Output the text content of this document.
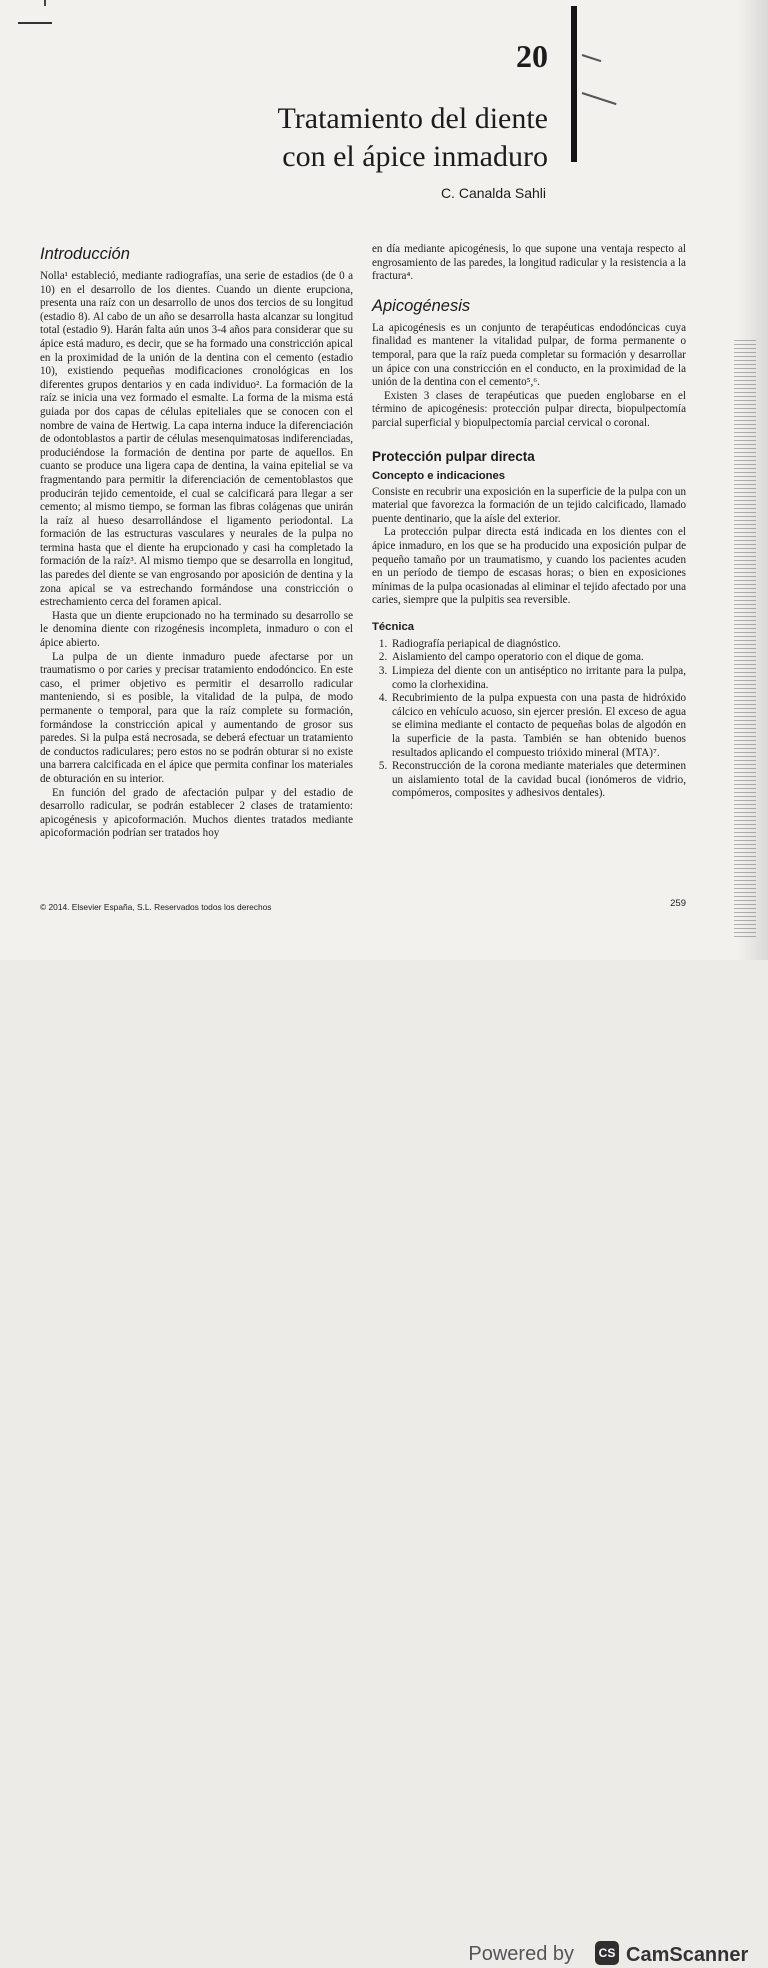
20
Tratamiento del diente
con el ápice inmaduro
C. Canalda Sahli
Introducción

Nolla¹ estableció, mediante radiografías, una serie de estadios (de 0 a 10) en el desarrollo de los dientes. Cuando un diente erupciona, presenta una raíz con un desarrollo de unos dos tercios de su longitud (estadio 8). Al cabo de un año se desarrolla hasta alcanzar su longitud total (estadio 9). Harán falta aún unos 3-4 años para considerar que su ápice está maduro, es decir, que se ha formado una constricción apical en la proximidad de la unión de la dentina con el cemento (estadio 10), existiendo pequeñas modificaciones cronológicas en los diferentes grupos dentarios y en cada individuo². La formación de la raíz se inicia una vez formado el esmalte. La forma de la misma está guiada por dos capas de células epiteliales que se conocen con el nombre de vaina de Hertwig. La capa interna induce la diferenciación de odontoblastos a partir de células mesenquimatosas indiferenciadas, produciéndose la formación de dentina por parte de aquellos. En cuanto se produce una ligera capa de dentina, la vaina epitelial se va fragmentando para permitir la diferenciación de cementoblastos que producirán tejido cementoide, el cual se calcificará para llegar a ser cemento; al mismo tiempo, se forman las fibras colágenas que unirán la raíz al hueso desarrollándose el ligamento periodontal. La formación de las estructuras vasculares y neurales de la pulpa no termina hasta que el diente ha erupcionado y casi ha completado la formación de la raíz³. Al mismo tiempo que se desarrolla en longitud, las paredes del diente se van engrosando por aposición de dentina y la zona apical se va estrechando formándose una constricción o estrechamiento cerca del foramen apical.

Hasta que un diente erupcionado no ha terminado su desarrollo se le denomina diente con rizogénesis incompleta, inmaduro o con el ápice abierto.

La pulpa de un diente inmaduro puede afectarse por un traumatismo o por caries y precisar tratamiento endodóncico. En este caso, el primer objetivo es permitir el desarrollo radicular manteniendo, si es posible, la vitalidad de la pulpa, de modo permanente o temporal, para que la raíz complete su formación, formándose la constricción apical y aumentando de grosor sus paredes. Si la pulpa está necrosada, se deberá efectuar un tratamiento de conductos radiculares; pero estos no se podrán obturar si no existe una barrera calcificada en el ápice que permita confinar los materiales de obturación en su interior.

En función del grado de afectación pulpar y del estadio de desarrollo radicular, se podrán establecer 2 clases de tratamiento: apicogénesis y apicoformación. Muchos dientes tratados mediante apicoformación podrían ser tratados hoy

en día mediante apicogénesis, lo que supone una ventaja respecto al engrosamiento de las paredes, la longitud radicular y la resistencia a la fractura⁴.

Apicogénesis

La apicogénesis es un conjunto de terapéuticas endodóncicas cuya finalidad es mantener la vitalidad pulpar, de forma permanente o temporal, para que la raíz pueda completar su formación y desarrollar un ápice con una constricción en el conducto, en la proximidad de la unión de la dentina con el cemento⁵,⁶.

Existen 3 clases de terapéuticas que pueden englobarse en el término de apicogénesis: protección pulpar directa, biopulpectomía parcial superficial y biopulpectomía parcial cervical o coronal.

Protección pulpar directa
Concepto e indicaciones

Consiste en recubrir una exposición en la superficie de la pulpa con un material que favorezca la formación de un tejido calcificado, llamado puente dentinario, que la aísle del exterior.

La protección pulpar directa está indicada en los dientes con el ápice inmaduro, en los que se ha producido una exposición pulpar de pequeño tamaño por un traumatismo, y cuando los pacientes acuden en un período de tiempo de escasas horas; o bien en exposiciones mínimas de la pulpa ocasionadas al eliminar el tejido afectado por una caries, siempre que la pulpitis sea reversible.

Técnica
1. Radiografía periapical de diagnóstico.
2. Aislamiento del campo operatorio con el dique de goma.
3. Limpieza del diente con un antiséptico no irritante para la pulpa, como la clorhexidina.
4. Recubrimiento de la pulpa expuesta con una pasta de hidróxido cálcico en vehículo acuoso, sin ejercer presión. El exceso de agua se elimina mediante el contacto de pequeñas bolas de algodón en la superficie de la pasta. También se han obtenido buenos resultados aplicando el compuesto trióxido mineral (MTA)⁷.
5. Reconstrucción de la corona mediante materiales que determinen un aislamiento total de la cavidad bucal (ionómeros de vidrio, compómeros, composites y adhesivos dentales).
© 2014. Elsevier España, S.L. Reservados todos los derechos	259
Powered by	CS CamScanner
